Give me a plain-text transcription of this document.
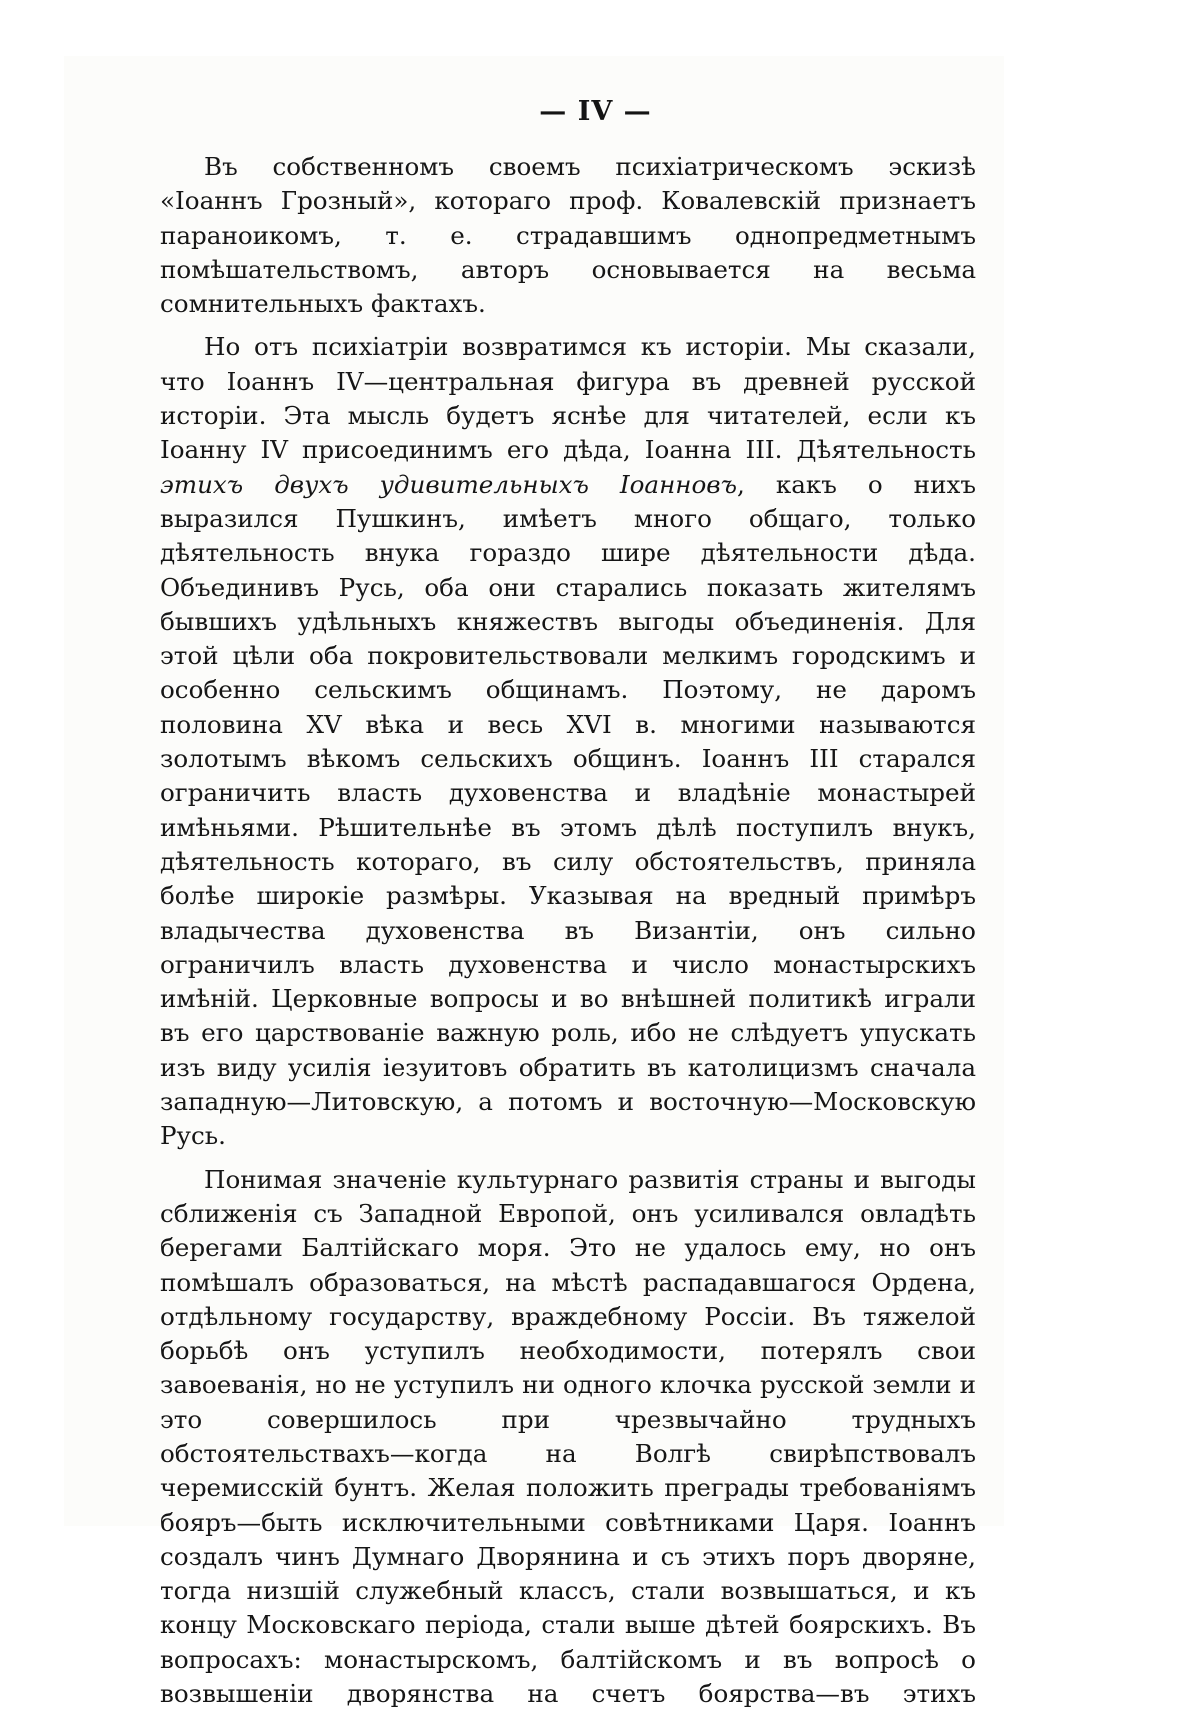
— IV —

Въ собственномъ своемъ психіатрическомъ эскизѣ «Іоаннъ Грозный», котораго проф. Ковалевскій признаетъ параноикомъ, т. е. страдавшимъ однопредметнымъ помѣшательствомъ, авторъ основывается на весьма сомнительныхъ фактахъ.

Но отъ психіатріи возвратимся къ исторіи. Мы сказали, что Іоаннъ IV—центральная фигура въ древней русской исторіи. Эта мысль будетъ яснѣе для читателей, если къ Іоанну IV присоединимъ его дѣда, Іоанна III. Дѣятельность этихъ двухъ удивительныхъ Іоанновъ, какъ о нихъ выразился Пушкинъ, имѣетъ много общаго, только дѣятельность внука гораздо шире дѣятельности дѣда. Объединивъ Русь, оба они старались показать жителямъ бывшихъ удѣльныхъ княжествъ выгоды объединенія. Для этой цѣли оба покровительствовали мелкимъ городскимъ и особенно сельскимъ общинамъ. Поэтому, не даромъ половина XV вѣка и весь XVI в. многими называются золотымъ вѣкомъ сельскихъ общинъ. Іоаннъ III старался ограничить власть духовенства и владѣніе монастырей имѣньями. Рѣшительнѣе въ этомъ дѣлѣ поступилъ внукъ, дѣятельность котораго, въ силу обстоятельствъ, приняла болѣе широкіе размѣры. Указывая на вредный примѣръ владычества духовенства въ Византіи, онъ сильно ограничилъ власть духовенства и число монастырскихъ имѣній. Церковные вопросы и во внѣшней политикѣ играли въ его царствованіе важную роль, ибо не слѣдуетъ упускать изъ виду усилія іезуитовъ обратить въ католицизмъ сначала западную—Литовскую, а потомъ и восточную—Московскую Русь.

Понимая значеніе культурнаго развитія страны и выгоды сближенія съ Западной Европой, онъ усиливался овладѣть берегами Балтійскаго моря. Это не удалось ему, но онъ помѣшалъ образоваться, на мѣстѣ распадавшагося Ордена, отдѣльному государству, враждебному Россіи. Въ тяжелой борьбѣ онъ уступилъ необходимости, потерялъ свои завоеванія, но не уступилъ ни одного клочка русской земли и это совершилось при чрезвычайно трудныхъ обстоятельствахъ—когда на Волгѣ свирѣпствовалъ черемисскій бунтъ. Желая положить преграды требованіямъ бояръ—быть исключительными совѣтниками Царя. Іоаннъ создалъ чинъ Думнаго Дворянина и съ этихъ поръ дворяне, тогда низшій служебный классъ, стали возвышаться, и къ концу Московскаго періода, стали выше дѣтей боярскихъ. Въ вопросахъ: монастырскомъ, балтійскомъ и въ вопросѣ о возвышеніи дворянства на счетъ боярства—въ этихъ
